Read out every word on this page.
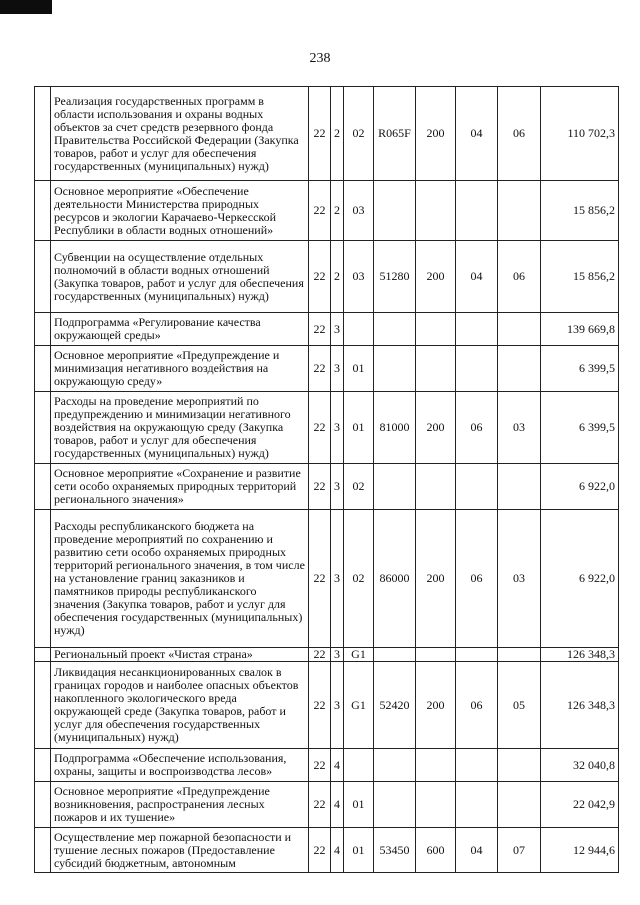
238
	Реализация государственных программ в области использования и охраны водных объектов за счет средств резервного фонда Правительства Российской Федерации (Закупка товаров, работ и услуг для обеспечения государственных (муниципальных) нужд)	22	2	02	R065F	200	04	06	110 702,3
	Основное мероприятие «Обеспечение деятельности Министерства природных ресурсов и экологии Карачаево-Черкесской Республики в области водных отношений»	22	2	03					15 856,2
	Субвенции на осуществление отдельных полномочий в области водных отношений (Закупка товаров, работ и услуг для обеспечения государственных (муниципальных) нужд)	22	2	03	51280	200	04	06	15 856,2
	Подпрограмма «Регулирование качества окружающей среды»	22	3						139 669,8
	Основное мероприятие «Предупреждение и минимизация негативного воздействия на окружающую среду»	22	3	01					6 399,5
	Расходы на проведение мероприятий по предупреждению и минимизации негативного воздействия на окружающую среду (Закупка товаров, работ и услуг для обеспечения государственных (муниципальных) нужд)	22	3	01	81000	200	06	03	6 399,5
	Основное мероприятие «Сохранение и развитие сети особо охраняемых природных территорий регионального значения»	22	3	02					6 922,0
	Расходы республиканского бюджета на проведение мероприятий по сохранению и развитию сети особо охраняемых природных территорий регионального значения, в том числе на установление границ заказников и памятников природы республиканского значения (Закупка товаров, работ и услуг для обеспечения государственных (муниципальных) нужд)	22	3	02	86000	200	06	03	6 922,0
	Региональный проект «Чистая страна»	22	3	G1					126 348,3
	Ликвидация несанкционированных свалок в границах городов и наиболее опасных объектов накопленного экологического вреда окружающей среде (Закупка товаров, работ и услуг для обеспечения государственных (муниципальных) нужд)	22	3	G1	52420	200	06	05	126 348,3
	Подпрограмма «Обеспечение использования, охраны, защиты и воспроизводства лесов»	22	4						32 040,8
	Основное мероприятие «Предупреждение возникновения, распространения лесных пожаров и их тушение»	22	4	01					22 042,9
	Осуществление мер пожарной безопасности и тушение лесных пожаров (Предоставление субсидий бюджетным, автономным	22	4	01	53450	600	04	07	12 944,6
